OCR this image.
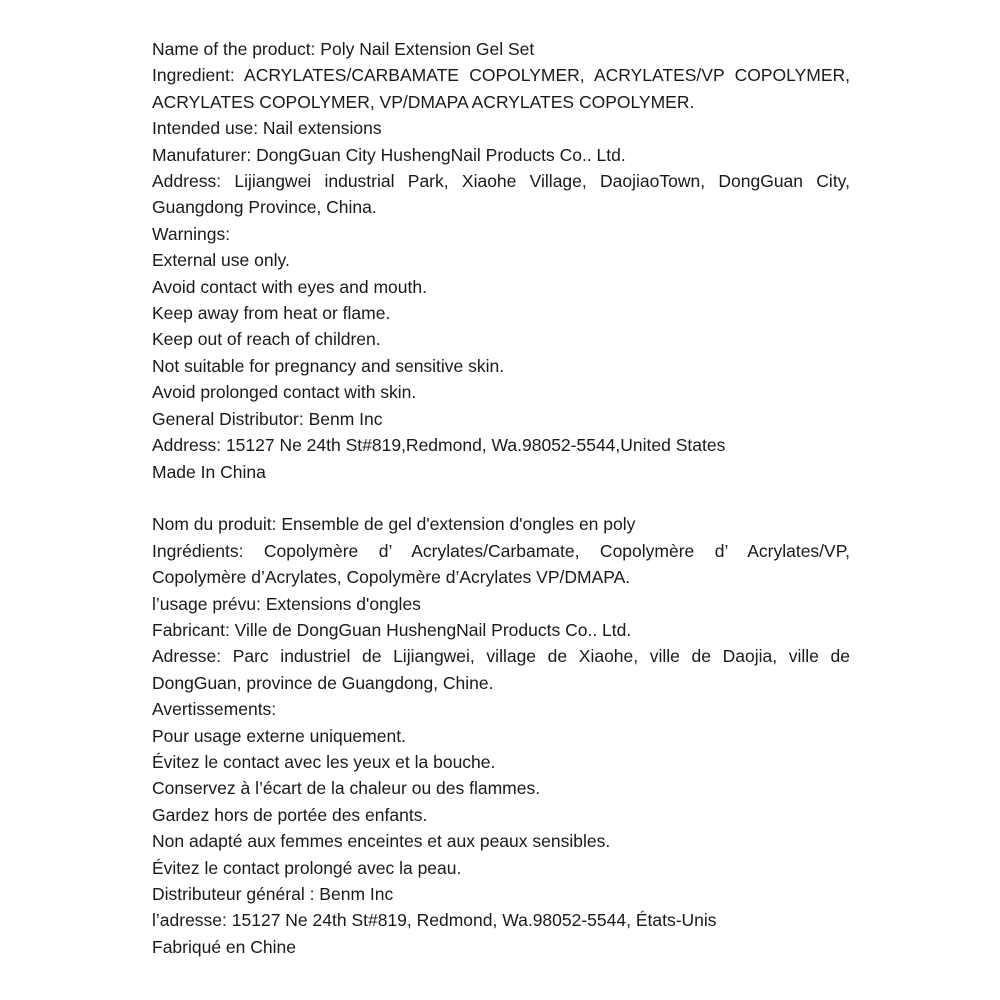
Name of the product: Poly Nail Extension Gel Set
Ingredient: ACRYLATES/CARBAMATE COPOLYMER, ACRYLATES/VP COPOLYMER, ACRYLATES COPOLYMER, VP/DMAPA ACRYLATES COPOLYMER.
Intended use: Nail extensions
Manufaturer: DongGuan City HushengNail Products Co.. Ltd.
Address: Lijiangwei industrial Park, Xiaohe Village, DaojiaoTown, DongGuan City, Guangdong Province, China.
Warnings:
External use only.
Avoid contact with eyes and mouth.
Keep away from heat or flame.
Keep out of reach of children.
Not suitable for pregnancy and sensitive skin.
Avoid prolonged contact with skin.
General Distributor: Benm Inc
Address: 15127 Ne 24th St#819,Redmond, Wa.98052-5544,United States
Made In China
Nom du produit: Ensemble de gel d'extension d'ongles en poly
Ingrédients: Copolymère d’ Acrylates/Carbamate, Copolymère d’ Acrylates/VP, Copolymère d’Acrylates, Copolymère d’Acrylates VP/DMAPA.
l’usage prévu: Extensions d'ongles
Fabricant: Ville de DongGuan HushengNail Products Co.. Ltd.
Adresse: Parc industriel de Lijiangwei, village de Xiaohe, ville de Daojia, ville de DongGuan, province de Guangdong, Chine.
Avertissements:
Pour usage externe uniquement.
Évitez le contact avec les yeux et la bouche.
Conservez à l’écart de la chaleur ou des flammes.
Gardez hors de portée des enfants.
Non adapté aux femmes enceintes et aux peaux sensibles.
Évitez le contact prolongé avec la peau.
Distributeur général : Benm Inc
l’adresse: 15127 Ne 24th St#819, Redmond, Wa.98052-5544, États-Unis
Fabriqué en Chine
